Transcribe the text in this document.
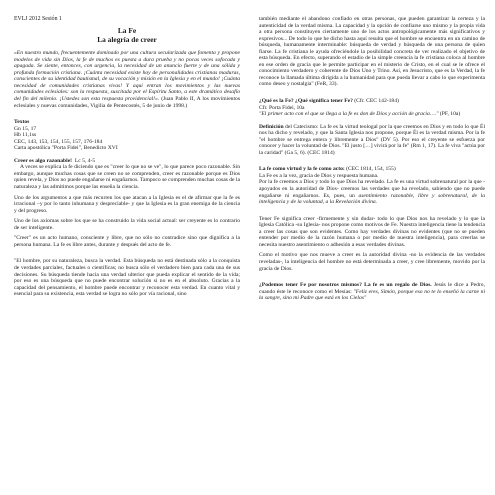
EVLJ 2012 Sesión 1
La Fe
La alegría de creer

«En nuestro mundo, frecuentemente dominado por una cultura secularizada que fomenta y propone modelos de vida sin Dios, la fe de muchos es puesta a dura prueba y no pocas veces sofocada y apagada. Se siente, entonces, con urgencia, la necesidad de un anuncio fuerte y de una sólida y profunda formación cristiana. ¡Cuánta necesidad existe hoy de personalidades cristianas maduras, conscientes de su identidad bautismal, de su vocación y misión en la Iglesia y en el mundo! ¡Cuánta necesidad de comunidades cristianas vivas! Y aquí entran los movimientos y las nuevas comunidades eclesiales: son la respuesta, suscitada por el Espíritu Santo, a este dramático desafío del fin del milenio. ¡Ustedes son esta respuesta providencial!». (Juan Pablo II, A los movimientos eclesiales y nuevas comunidades, Vigilia de Pentecostés, 5 de junio de 1998.)

Textos
Gn 15, 17
Hb 11,1ss
CEC, 143, 153, 154, 155, 157, 176-184
Carta apostólica "Porta Fidei", Benedicto XVI
Creer es algo razonable! Lc 5, 4-5

A veces se explica la fe diciendo que es "creer lo que no se ve", lo que parece poco razonable. Sin embargo, aunque muchas cosas que se creen no se comprenden, creer es razonable porque es Dios quien revela, y Dios no puede engañarse ni engañarnos. Tampoco se comprenden muchas cosas de la naturaleza y las admitimos porque las enseña la ciencia.

Uno de los argumentos a que más recurren los que atacan a la Iglesia es el de afirmar que la fe es irracional –y por lo tanto inhumana y despreciable- y que la Iglesia es la gran enemiga de la ciencia y del progreso.

Uno de los axiomas sobre los que se ha construido la vida social actual: ser creyente es lo contrario de ser inteligente.

"Creer" es un acto humano, consciente y libre, que no sólo no contradice sino que dignifica a la persona humana. La fe es libre antes, durante y después del acto de fe.

"El hombre, por su naturaleza, busca la verdad. Esta búsqueda no está destinada sólo a la conquista de verdades parciales, factuales o científicas; no busca sólo el verdadero bien para cada una de sus decisiones. Su búsqueda tiende hacia una verdad ulterior que pueda explicar el sentido de la vida; por eso es una búsqueda que no puede encontrar solución si no es en el absoluto. Gracias a la capacidad del pensamiento, el hombre puede encontrar y reconocer esta verdad. En cuanto vital y esencial para su existencia, esta verdad se logra no sólo por vía racional, sino

también mediante el abandono confiado en otras personas, que pueden garantizar la certeza y la autenticidad de la verdad misma. La capacidad y la opción de confiarse uno mismo y la propia vida a otra persona constituyen ciertamente uno de los actos antropológicamente más significativos y expresivos... De todo lo que he dicho hasta aquí resulta que el hombre se encuentra en un camino de búsqueda, humanamente interminable: búsqueda de verdad y búsqueda de una persona de quien fiarse. La fe cristiana le ayuda ofreciéndole la posibilidad concreta de ver realizado el objetivo de esta búsqueda. En efecto, superando el estadio de la simple creencia la fe cristiana coloca al hombre en ese orden de gracia que le permite participar en el misterio de Cristo, en el cual se le ofrece el conocimiento verdadero y coherente de Dios Uno y Trino. Así, en Jesucristo, que es la Verdad, la fe reconoce la llamada última dirigida a la humanidad para que pueda llevar a cabo lo que experimenta como deseo y nostalgia" (FeR, 33).

¿Qué es la Fe? ¿Qué significa tener Fe? (Cfr. CEC 142-184)
Cfr. Porta Fidei, 10a
"El primer acto con el que se llega a la fe es don de Dios y acción de gracia…." (PF, 10a)

Definición del Catecismo: La fe es la virtud teologal por la que creemos en Dios y en todo lo que Él nos ha dicho y revelado, y que la Santa Iglesia nos propone, porque Él es la verdad misma. Por la fe "el hombre se entrega entera y libremente a Dios" (DV 5). Por eso el creyente se esfuerza por conocer y hacer la voluntad de Dios. "El justo […] vivirá por la fe" (Rm 1, 17). La fe viva "actúa por la caridad" (Ga 5, 6). (CEC 1814)

La fe como virtud y la fe como acto: (CEC 1814, 154, 155)
La Fe es a la vez, gracia de Dios y respuesta humana.

Por la fe creemos a Dios y todo lo que Dios ha revelado. La fe es una virtud sobrenatural por la que -apoyados en la autoridad de Dios- creemos las verdades que ha revelado, sabiendo que no puede engañarse ni engañarnos. Es, pues, un asentimiento razonable, libre y sobrenatural, de la inteligencia y de la voluntad, a la Revelación divina.

Tener Fe significa creer -firmemente y sin dudar- todo lo que Dios nos ha revelado y lo que la Iglesia Católica -su Iglesia- nos propone como motivos de Fe. Nuestra inteligencia tiene la tendencia a creer las cosas que son evidentes. Como hay verdades divinas no evidentes (que no se pueden entender por medio de la razón humana o por medio de nuestra inteligencia), para creerlas se necesita nuestro asentimiento o adhesión a esas verdades divinas.

Como el motivo que nos mueve a creer es la autoridad divina -no la evidencia de las verdades reveladas-, la inteligencia del hombre no está determinada a creer, y cree libremente, movido por la gracia de Dios.

¿Podemos tener Fe por nosotros mismos? La fe es un regalo de Dios. Jesús le dice a Pedro, cuando éste le reconoce como el Mesías: "Feliz eres, Simón, porque eso no te lo enseñó la carne ni la sangre, sino mi Padre que está en los Cielos"
